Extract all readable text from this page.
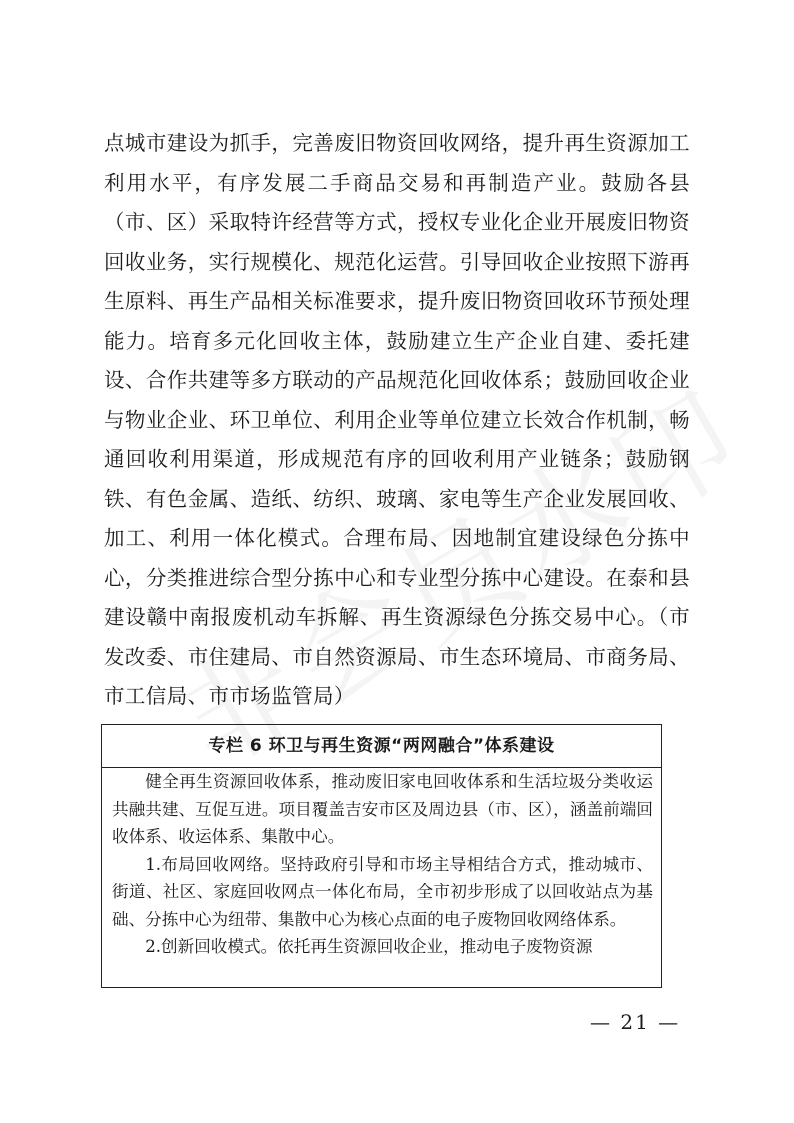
点城市建设为抓手，完善废旧物资回收网络，提升再生资源加工利用水平，有序发展二手商品交易和再制造产业。鼓励各县（市、区）采取特许经营等方式，授权专业化企业开展废旧物资回收业务，实行规模化、规范化运营。引导回收企业按照下游再生原料、再生产品相关标准要求，提升废旧物资回收环节预处理能力。培育多元化回收主体，鼓励建立生产企业自建、委托建设、合作共建等多方联动的产品规范化回收体系；鼓励回收企业与物业企业、环卫单位、利用企业等单位建立长效合作机制，畅通回收利用渠道，形成规范有序的回收利用产业链条；鼓励钢铁、有色金属、造纸、纺织、玻璃、家电等生产企业发展回收、加工、利用一体化模式。合理布局、因地制宜建设绿色分拣中心，分类推进综合型分拣中心和专业型分拣中心建设。在泰和县建设赣中南报废机动车拆解、再生资源绿色分拣交易中心。（市发改委、市住建局、市自然资源局、市生态环境局、市商务局、市工信局、市市场监管局）

专栏 6 环卫与再生资源“两网融合”体系建设

健全再生资源回收体系，推动废旧家电回收体系和生活垃圾分类收运共融共建、互促互进。项目覆盖吉安市区及周边县（市、区），涵盖前端回收体系、收运体系、集散中心。

1.布局回收网络。坚持政府引导和市场主导相结合方式，推动城市、街道、社区、家庭回收网点一体化布局，全市初步形成了以回收站点为基础、分拣中心为纽带、集散中心为核心点面的电子废物回收网络体系。

2.创新回收模式。依托再生资源回收企业，推动电子废物资源

— 21 —
